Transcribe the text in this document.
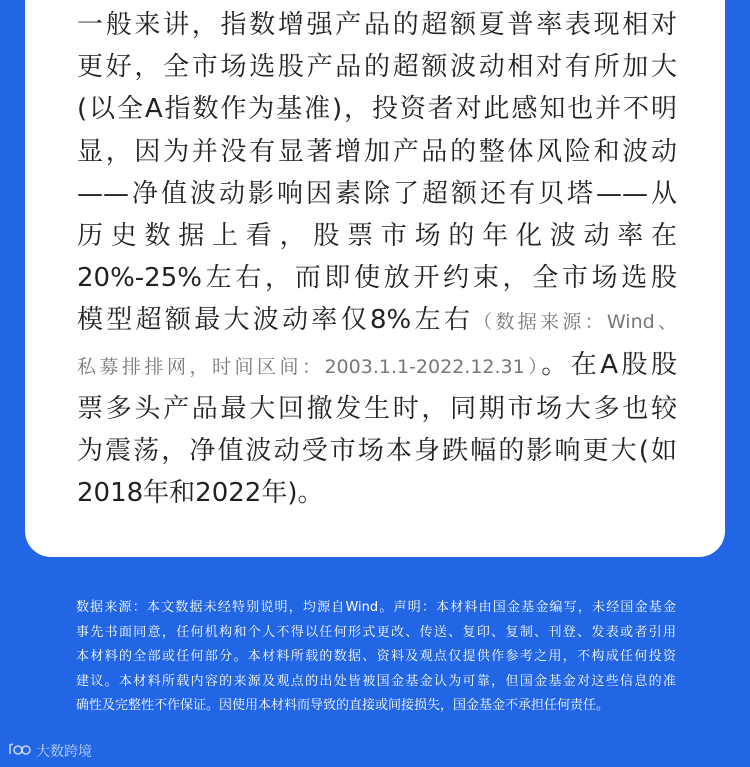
一般来讲，指数增强产品的超额夏普率表现相对
更好，全市场选股产品的超额波动相对有所加大
(以全A指数作为基准)，投资者对此感知也并不明
显，因为并没有显著增加产品的整体风险和波动
——净值波动影响因素除了超额还有贝塔——从
历史数据上看，股票市场的年化波动率在
20%-25%左右，而即使放开约束，全市场选股
模型超额最大波动率仅8%左右（数据来源：Wind、
私募排排网，时间区间：2003.1.1-2022.12.31）。在A股股
票多头产品最大回撤发生时，同期市场大多也较
为震荡，净值波动受市场本身跌幅的影响更大(如
2018年和2022年)。
数据来源：本文数据未经特别说明，均源自Wind。声明：本材料由国金基金编写，未经国金基金
事先书面同意，任何机构和个人不得以任何形式更改、传送、复印、复制、刊登、发表或者引用
本材料的全部或任何部分。本材料所载的数据、资料及观点仅提供作参考之用，不构成任何投资
建议。本材料所载内容的来源及观点的出处皆被国金基金认为可靠，但国金基金对这些信息的准
确性及完整性不作保证。因使用本材料而导致的直接或间接损失，国金基金不承担任何责任。
大数跨境
